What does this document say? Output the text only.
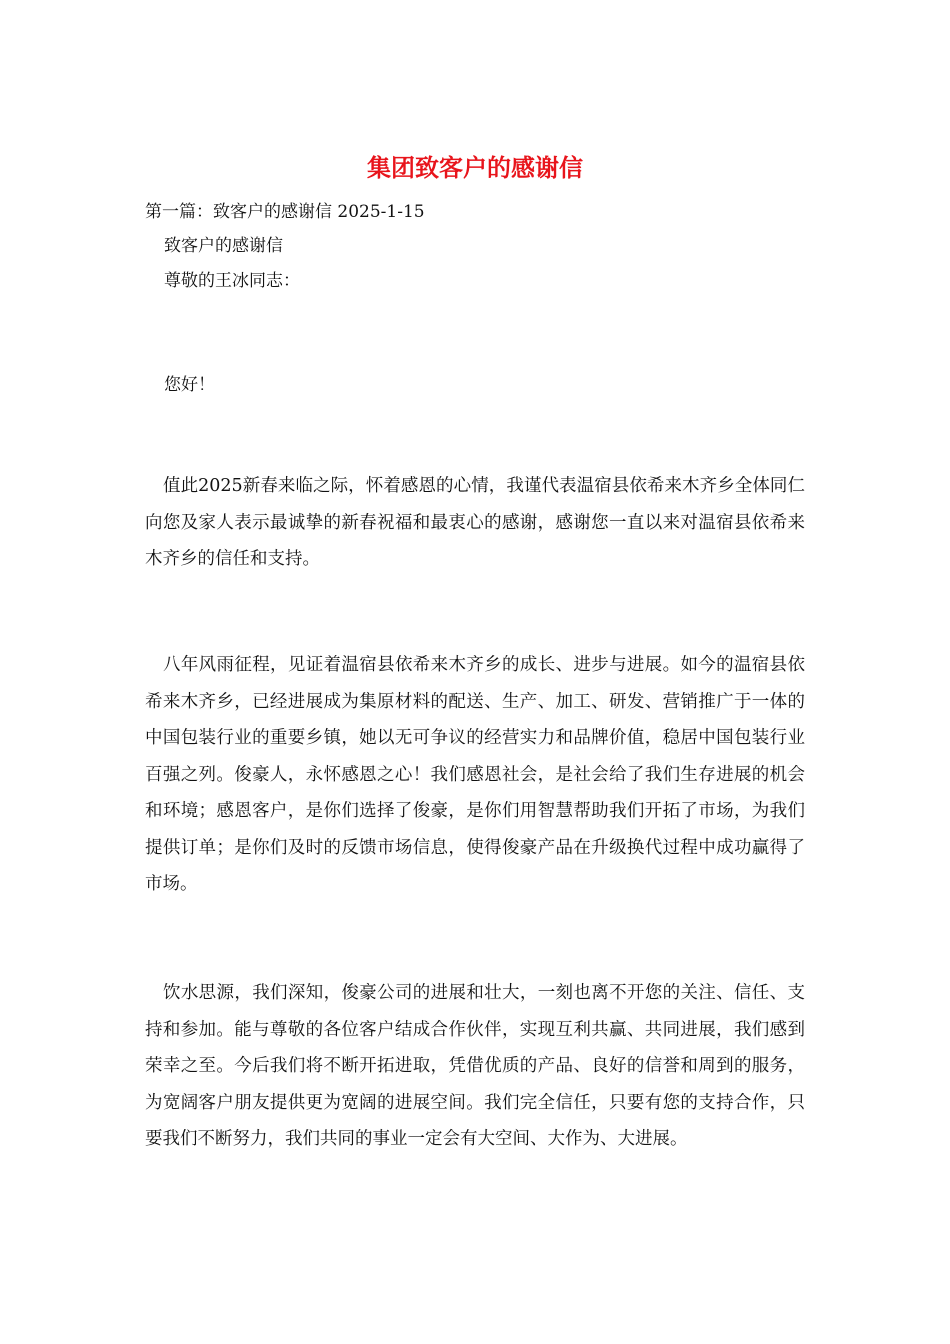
集团致客户的感谢信
第一篇：致客户的感谢信 2025-1-15
致客户的感谢信
尊敬的王冰同志：
您好！
值此2025新春来临之际，怀着感恩的心情，我谨代表温宿县依希来木齐乡全体同仁向您及家人表示最诚挚的新春祝福和最衷心的感谢，感谢您一直以来对温宿县依希来木齐乡的信任和支持。
八年风雨征程，见证着温宿县依希来木齐乡的成长、进步与进展。如今的温宿县依希来木齐乡，已经进展成为集原材料的配送、生产、加工、研发、营销推广于一体的中国包装行业的重要乡镇，她以无可争议的经营实力和品牌价值，稳居中国包装行业百强之列。俊豪人，永怀感恩之心！我们感恩社会，是社会给了我们生存进展的机会和环境；感恩客户，是你们选择了俊豪，是你们用智慧帮助我们开拓了市场，为我们提供订单；是你们及时的反馈市场信息，使得俊豪产品在升级换代过程中成功赢得了市场。
饮水思源，我们深知，俊豪公司的进展和壮大，一刻也离不开您的关注、信任、支持和参加。能与尊敬的各位客户结成合作伙伴，实现互利共赢、共同进展，我们感到荣幸之至。今后我们将不断开拓进取，凭借优质的产品、良好的信誉和周到的服务，为宽阔客户朋友提供更为宽阔的进展空间。我们完全信任，只要有您的支持合作，只要我们不断努力，我们共同的事业一定会有大空间、大作为、大进展。
